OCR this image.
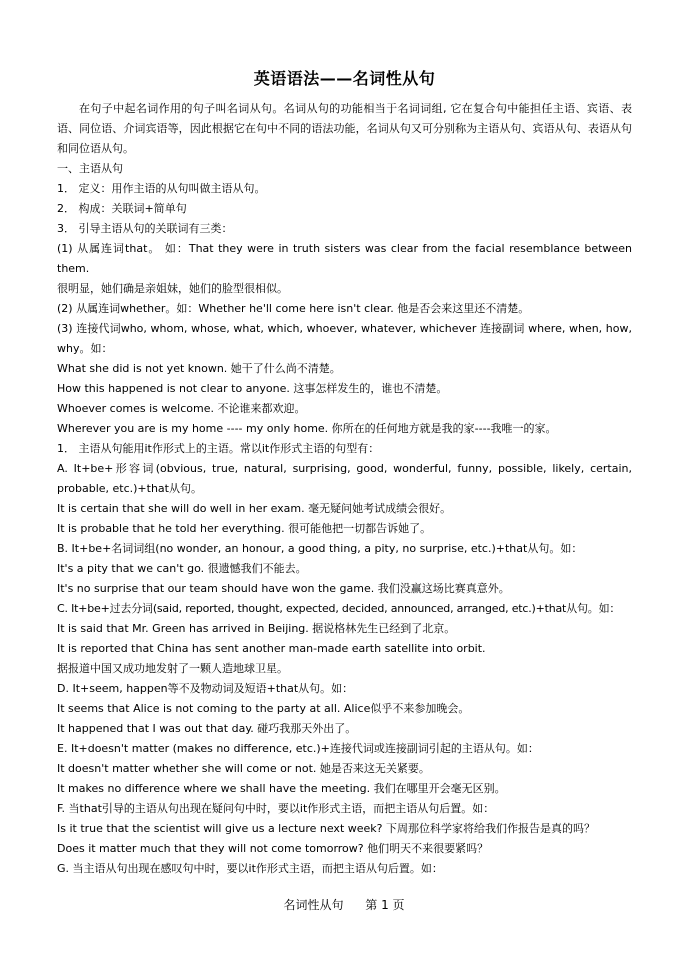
英语语法——名词性从句

在句子中起名词作用的句子叫名词从句。名词从句的功能相当于名词词组, 它在复合句中能担任主语、宾语、表语、同位语、介词宾语等，因此根据它在句中不同的语法功能，名词从句又可分别称为主语从句、宾语从句、表语从句和同位语从句。

一、主语从句

1． 定义：用作主语的从句叫做主语从句。

2． 构成：关联词+简单句

3． 引导主语从句的关联词有三类：

(1) 从属连词that。 如：That they were in truth sisters was clear from the facial resemblance between them.

很明显，她们确是亲姐妹，她们的脸型很相似。

(2) 从属连词whether。如：Whether he'll come here isn't clear. 他是否会来这里还不清楚。

(3) 连接代词who, whom, whose, what, which, whoever, whatever, whichever 连接副词 where, when, how, why。如：

What she did is not yet known. 她干了什么尚不清楚。

How this happened is not clear to anyone. 这事怎样发生的，谁也不清楚。

Whoever comes is welcome. 不论谁来都欢迎。

Wherever you are is my home ---- my only home. 你所在的任何地方就是我的家----我唯一的家。

1． 主语从句能用it作形式上的主语。常以it作形式主语的句型有：

A. It+be+形容词(obvious, true, natural, surprising, good, wonderful, funny, possible, likely, certain, probable, etc.)+that从句。

It is certain that she will do well in her exam. 毫无疑问她考试成绩会很好。

It is probable that he told her everything. 很可能他把一切都告诉她了。

B. It+be+名词词组(no wonder, an honour, a good thing, a pity, no surprise, etc.)+that从句。如：

It's a pity that we can't go. 很遗憾我们不能去。

It's no surprise that our team should have won the game. 我们没赢这场比赛真意外。

C. It+be+过去分词(said, reported, thought, expected, decided, announced, arranged, etc.)+that从句。如：

It is said that Mr. Green has arrived in Beijing. 据说格林先生已经到了北京。

It is reported that China has sent another man-made earth satellite into orbit.

据报道中国又成功地发射了一颗人造地球卫星。

D. It+seem, happen等不及物动词及短语+that从句。如：

It seems that Alice is not coming to the party at all. Alice似乎不来参加晚会。

It happened that I was out that day. 碰巧我那天外出了。

E. It+doesn't matter (makes no difference, etc.)+连接代词或连接副词引起的主语从句。如：

It doesn't matter whether she will come or not. 她是否来这无关紧要。

It makes no difference where we shall have the meeting. 我们在哪里开会毫无区别。

F. 当that引导的主语从句出现在疑问句中时，要以it作形式主语，而把主语从句后置。如：

Is it true that the scientist will give us a lecture next week? 下周那位科学家将给我们作报告是真的吗？

Does it matter much that they will not come tomorrow? 他们明天不来很要紧吗？

G. 当主语从句出现在感叹句中时，要以it作形式主语，而把主语从句后置。如：

名词性从句 第 1 页
